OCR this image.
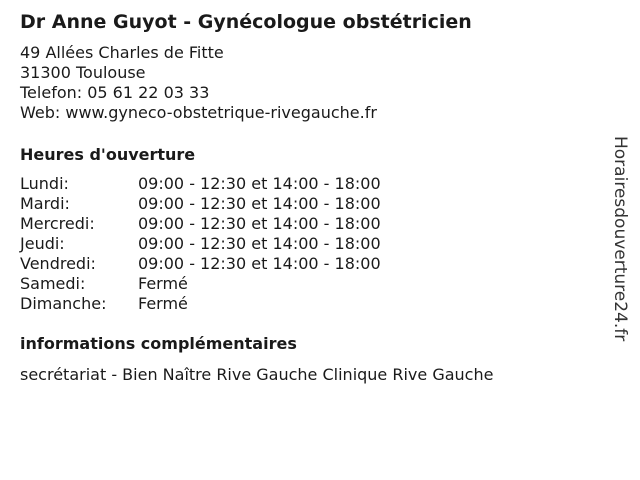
Dr Anne Guyot - Gynécologue obstétricien
49 Allées Charles de Fitte
31300 Toulouse
Telefon: 05 61 22 03 33
Web: www.gyneco-obstetrique-rivegauche.fr
Heures d'ouverture
Lundi:	09:00 - 12:30 et 14:00 - 18:00
Mardi:	09:00 - 12:30 et 14:00 - 18:00
Mercredi:	09:00 - 12:30 et 14:00 - 18:00
Jeudi:	09:00 - 12:30 et 14:00 - 18:00
Vendredi:	09:00 - 12:30 et 14:00 - 18:00
Samedi:	Fermé
Dimanche:	Fermé
informations complémentaires
secrétariat - Bien Naître Rive Gauche Clinique Rive Gauche
Horairesdouverture24.fr
